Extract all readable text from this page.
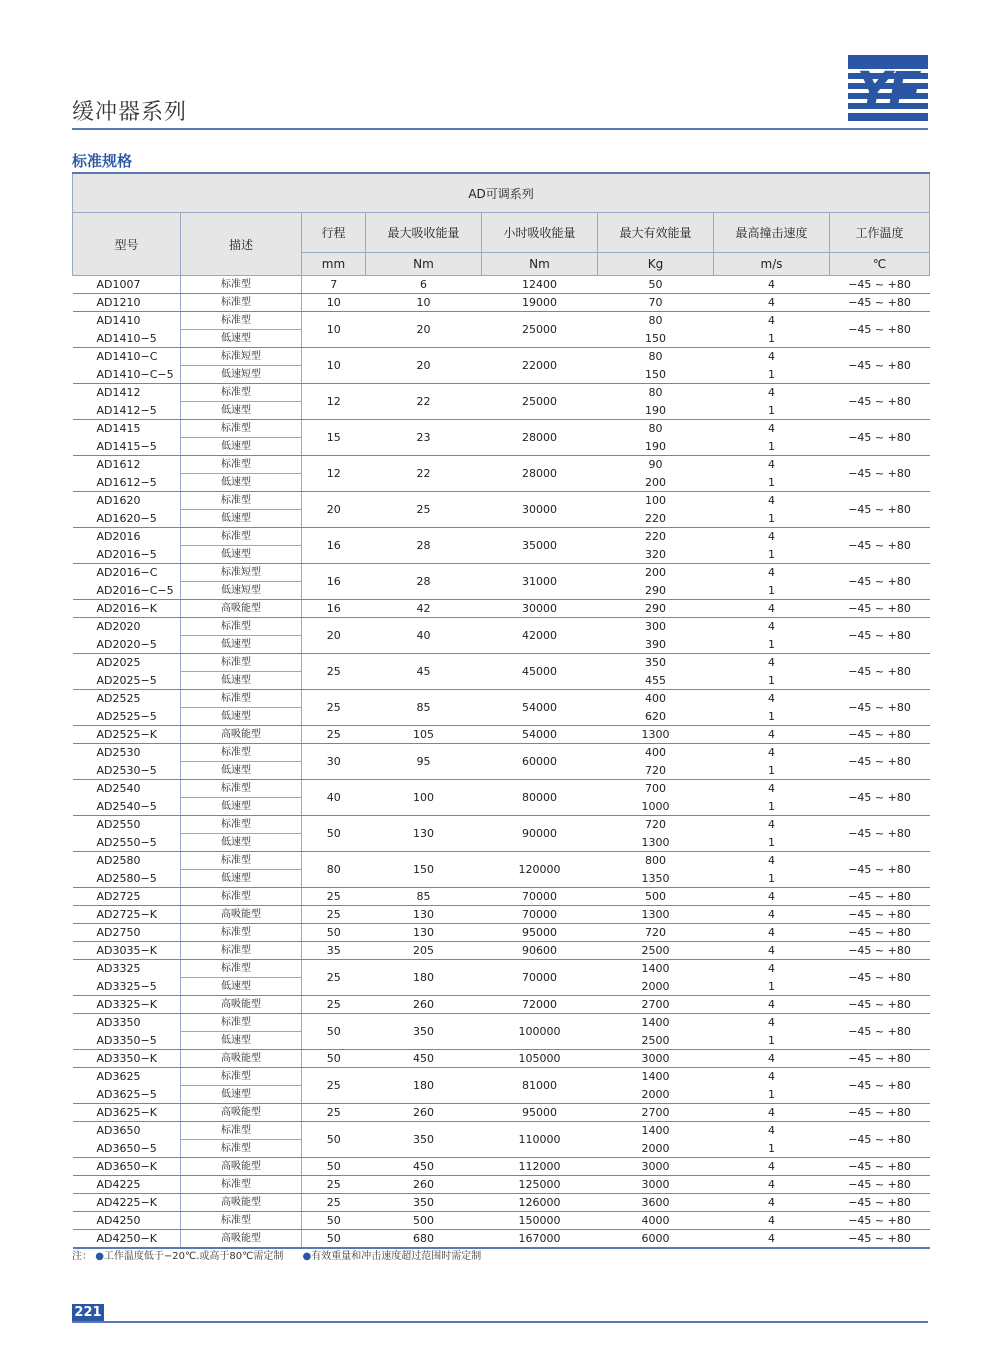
缓冲器系列	YF
标准规格
AD可调系列							
型号	描述	行程	最大吸收能量	小时吸收能量	最大有效能量	最高撞击速度	工作温度
		mm	Nm	Nm	Kg	m/s	℃
AD1007	标准型	7	6	12400	50	4	−45 ~ +80
AD1210	标准型	10	10	19000	70	4	−45 ~ +80
AD1410	标准型	10	20	25000	80	4	−45 ~ +80
AD1410−5	低速型				150	1	
AD1410−C	标准短型	10	20	22000	80	4	−45 ~ +80
AD1410−C−5	低速短型				150	1	
AD1412	标准型	12	22	25000	80	4	−45 ~ +80
AD1412−5	低速型				190	1	
AD1415	标准型	15	23	28000	80	4	−45 ~ +80
AD1415−5	低速型				190	1	
AD1612	标准型	12	22	28000	90	4	−45 ~ +80
AD1612−5	低速型				200	1	
AD1620	标准型	20	25	30000	100	4	−45 ~ +80
AD1620−5	低速型				220	1	
AD2016	标准型	16	28	35000	220	4	−45 ~ +80
AD2016−5	低速型				320	1	
AD2016−C	标准短型	16	28	31000	200	4	−45 ~ +80
AD2016−C−5	低速短型				290	1	
AD2016−K	高吸能型	16	42	30000	290	4	−45 ~ +80
AD2020	标准型	20	40	42000	300	4	−45 ~ +80
AD2020−5	低速型				390	1	
AD2025	标准型	25	45	45000	350	4	−45 ~ +80
AD2025−5	低速型				455	1	
AD2525	标准型	25	85	54000	400	4	−45 ~ +80
AD2525−5	低速型				620	1	
AD2525−K	高吸能型	25	105	54000	1300	4	−45 ~ +80
AD2530	标准型	30	95	60000	400	4	−45 ~ +80
AD2530−5	低速型				720	1	
AD2540	标准型	40	100	80000	700	4	−45 ~ +80
AD2540−5	低速型				1000	1	
AD2550	标准型	50	130	90000	720	4	−45 ~ +80
AD2550−5	低速型				1300	1	
AD2580	标准型	80	150	120000	800	4	−45 ~ +80
AD2580−5	低速型				1350	1	
AD2725	标准型	25	85	70000	500	4	−45 ~ +80
AD2725−K	高吸能型	25	130	70000	1300	4	−45 ~ +80
AD2750	标准型	50	130	95000	720	4	−45 ~ +80
AD3035−K	标准型	35	205	90600	2500	4	−45 ~ +80
AD3325	标准型	25	180	70000	1400	4	−45 ~ +80
AD3325−5	低速型				2000	1	
AD3325−K	高吸能型	25	260	72000	2700	4	−45 ~ +80
AD3350	标准型	50	350	100000	1400	4	−45 ~ +80
AD3350−5	低速型				2500	1	
AD3350−K	高吸能型	50	450	105000	3000	4	−45 ~ +80
AD3625	标准型	25	180	81000	1400	4	−45 ~ +80
AD3625−5	低速型				2000	1	
AD3625−K	高吸能型	25	260	95000	2700	4	−45 ~ +80
AD3650	标准型	50	350	110000	1400	4	−45 ~ +80
AD3650−5	标准型				2000	1	
AD3650−K	高吸能型	50	450	112000	3000	4	−45 ~ +80
AD4225	标准型	25	260	125000	3000	4	−45 ~ +80
AD4225−K	高吸能型	25	350	126000	3600	4	−45 ~ +80
AD4250	标准型	50	500	150000	4000	4	−45 ~ +80
AD4250−K	高吸能型	50	680	167000	6000	4	−45 ~ +80
注： ●工作温度低于−20℃.或高于80℃需定制 ●有效重量和冲击速度超过范围时需定制
221
